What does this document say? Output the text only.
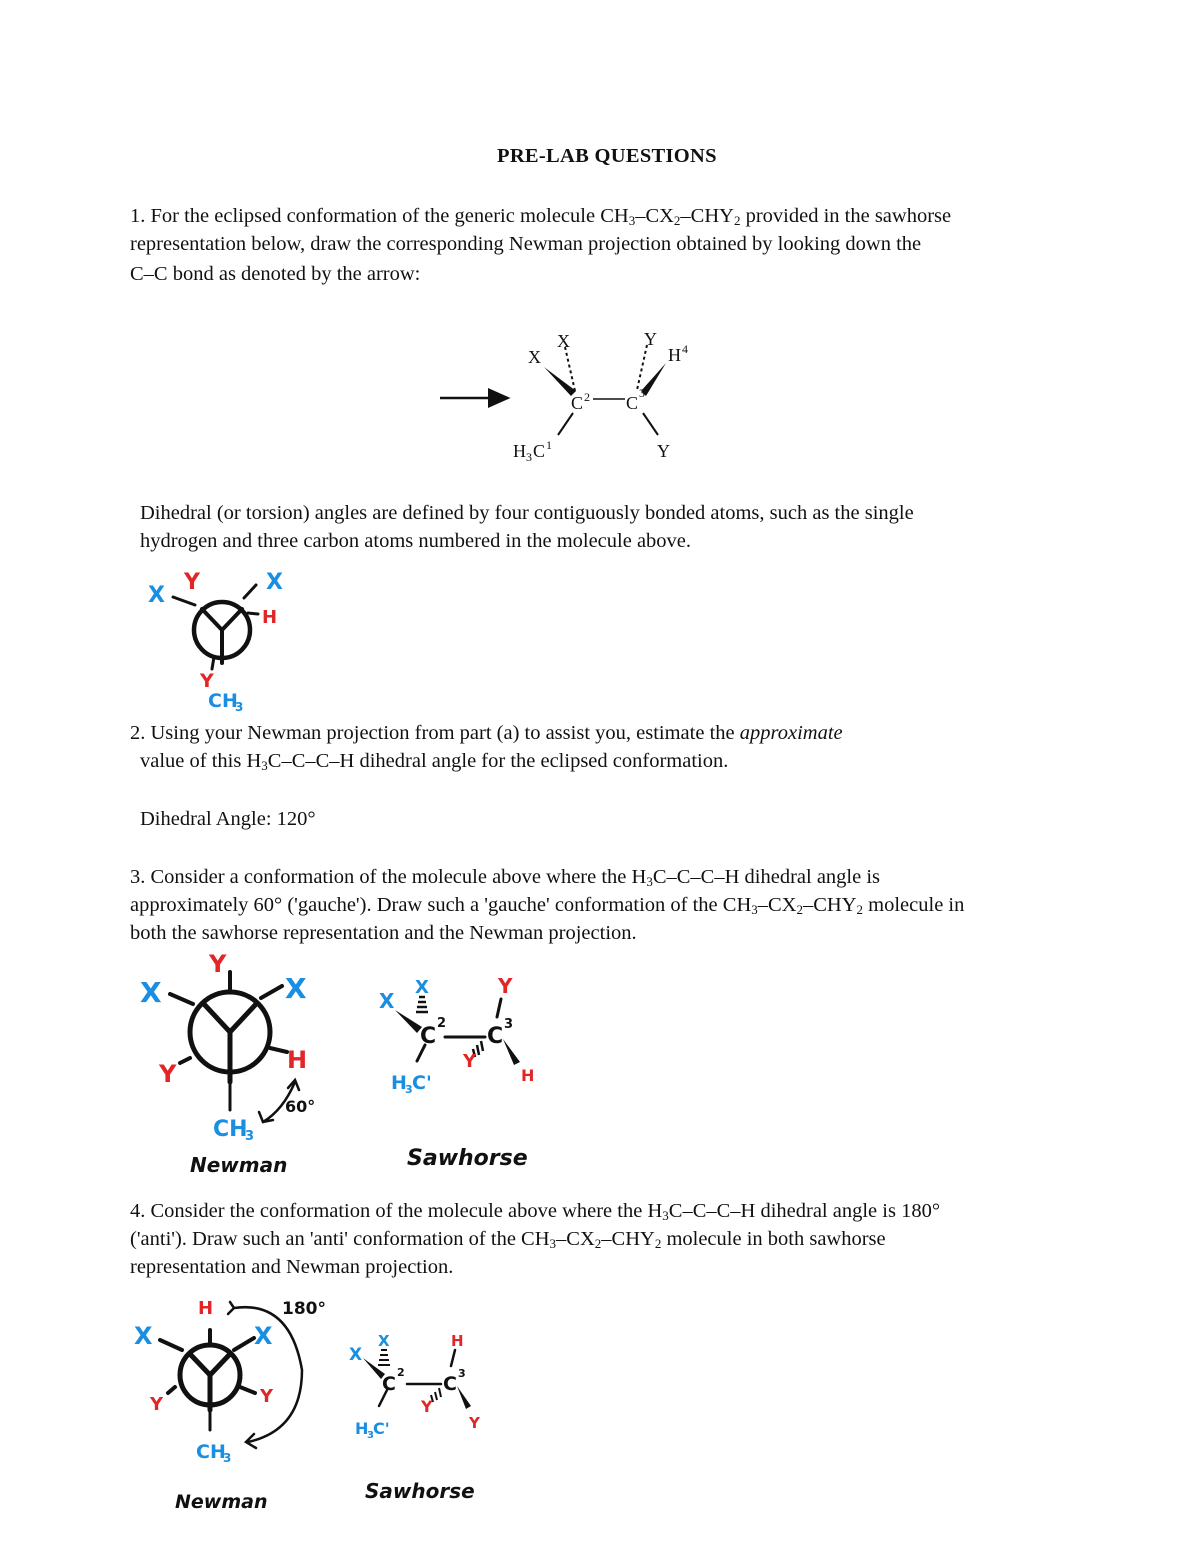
PRE-LAB QUESTIONS
1. For the eclipsed conformation of the generic molecule $CH_3-CX_2-CHY_2$ provided in the sawhorse
representation below, draw the corresponding Newman projection obtained by looking down the
C–C bond as denoted by the arrow:
X
X
C 2 C 3
Y
H 4
Y
H 3 C 1
Dihedral (or torsion) angles are defined by four contiguously bonded atoms, such as the single
hydrogen and three carbon atoms numbered in the molecule above.
X
Y	X
H
Y
CH
3
2. Using your Newman projection from part (a) to assist you, estimate the approximate
value of this $H_3C-C-C-H$ dihedral angle for the eclipsed conformation.
Dihedral Angle: 120°
3. Consider a conformation of the molecule above where the $H_3C-C-C-H$ dihedral angle is
approximately 60° ('gauche'). Draw such a 'gauche' conformation of the $CH_3-CX_2-CHY_2$ molecule in
both the sawhorse representation and the Newman projection.
X
Y
X
Y	H
CH
3
60°
Newman
X
X
C
2
C 3
Y
Y
H
H
3 C'
Sawhorse
4. Consider the conformation of the molecule above where the $H_3C-C-C-H$ dihedral angle is 180°
('anti'). Draw such an 'anti' conformation of the $CH_3-CX_2-CHY_2$ molecule in both sawhorse
representation and Newman projection.
H	180°
X	X
Y	Y
CH
3
Newman
X
X
C
2
C 3
H
Y
Y
H
3 C'
Sawhorse
